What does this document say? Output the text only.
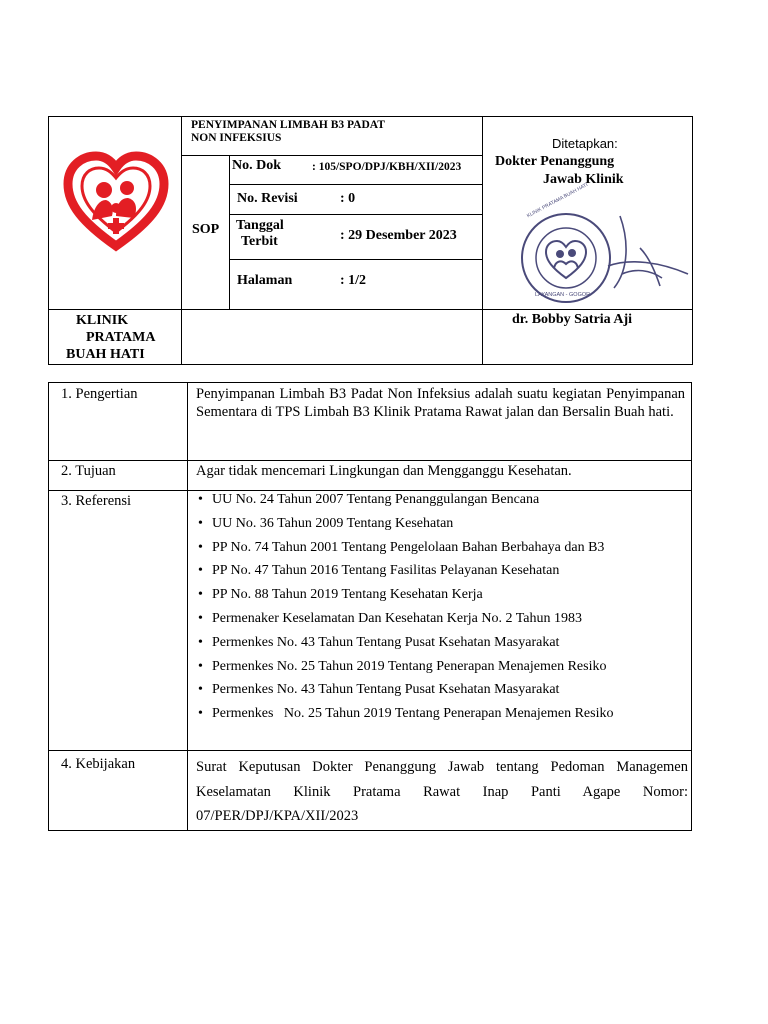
PENYIMPANAN LIMBAH B3 PADAT
NON INFEKSIUS
SOP
No. Dok	: 105/SPO/DPJ/KBH/XII/2023
No. Revisi	: 0
Tanggal
Terbit	: 29 Desember 2023
Halaman	: 1/2
KLINIK
PRATAMA
BUAH HATI
Ditetapkan:
Dokter Penanggung
Jawab Klinik
KLINIK PRATAMA BUAH HATI
LAYANGAN - GOGOR
dr. Bobby Satria Aji
1. Pengertian	Penyimpanan Limbah B3 Padat Non Infeksius adalah suatu kegiatan Penyimpanan Sementara di TPS Limbah B3 Klinik Pratama Rawat jalan dan Bersalin Buah hati.
2. Tujuan	Agar tidak mencemari Lingkungan dan Mengganggu Kesehatan.
3. Referensi	• UU No. 24 Tahun 2007 Tentang Penanggulangan Bencana
• UU No. 36 Tahun 2009 Tentang Kesehatan
• PP No. 74 Tahun 2001 Tentang Pengelolaan Bahan Berbahaya dan B3
• PP No. 47 Tahun 2016 Tentang Fasilitas Pelayanan Kesehatan
• PP No. 88 Tahun 2019 Tentang Kesehatan Kerja
• Permenaker Keselamatan Dan Kesehatan Kerja No. 2 Tahun 1983
• Permenkes No. 43 Tahun Tentang Pusat Ksehatan Masyarakat
• Permenkes No. 25 Tahun 2019 Tentang Penerapan Menajemen Resiko
• Permenkes No. 43 Tahun Tentang Pusat Ksehatan Masyarakat
• Permenkes   No. 25 Tahun 2019 Tentang Penerapan Menajemen Resiko
4. Kebijakan	Surat Keputusan Dokter Penanggung Jawab tentang Pedoman Managemen Keselamatan Klinik Pratama Rawat Inap Panti Agape Nomor: 07/PER/DPJ/KPA/XII/2023
